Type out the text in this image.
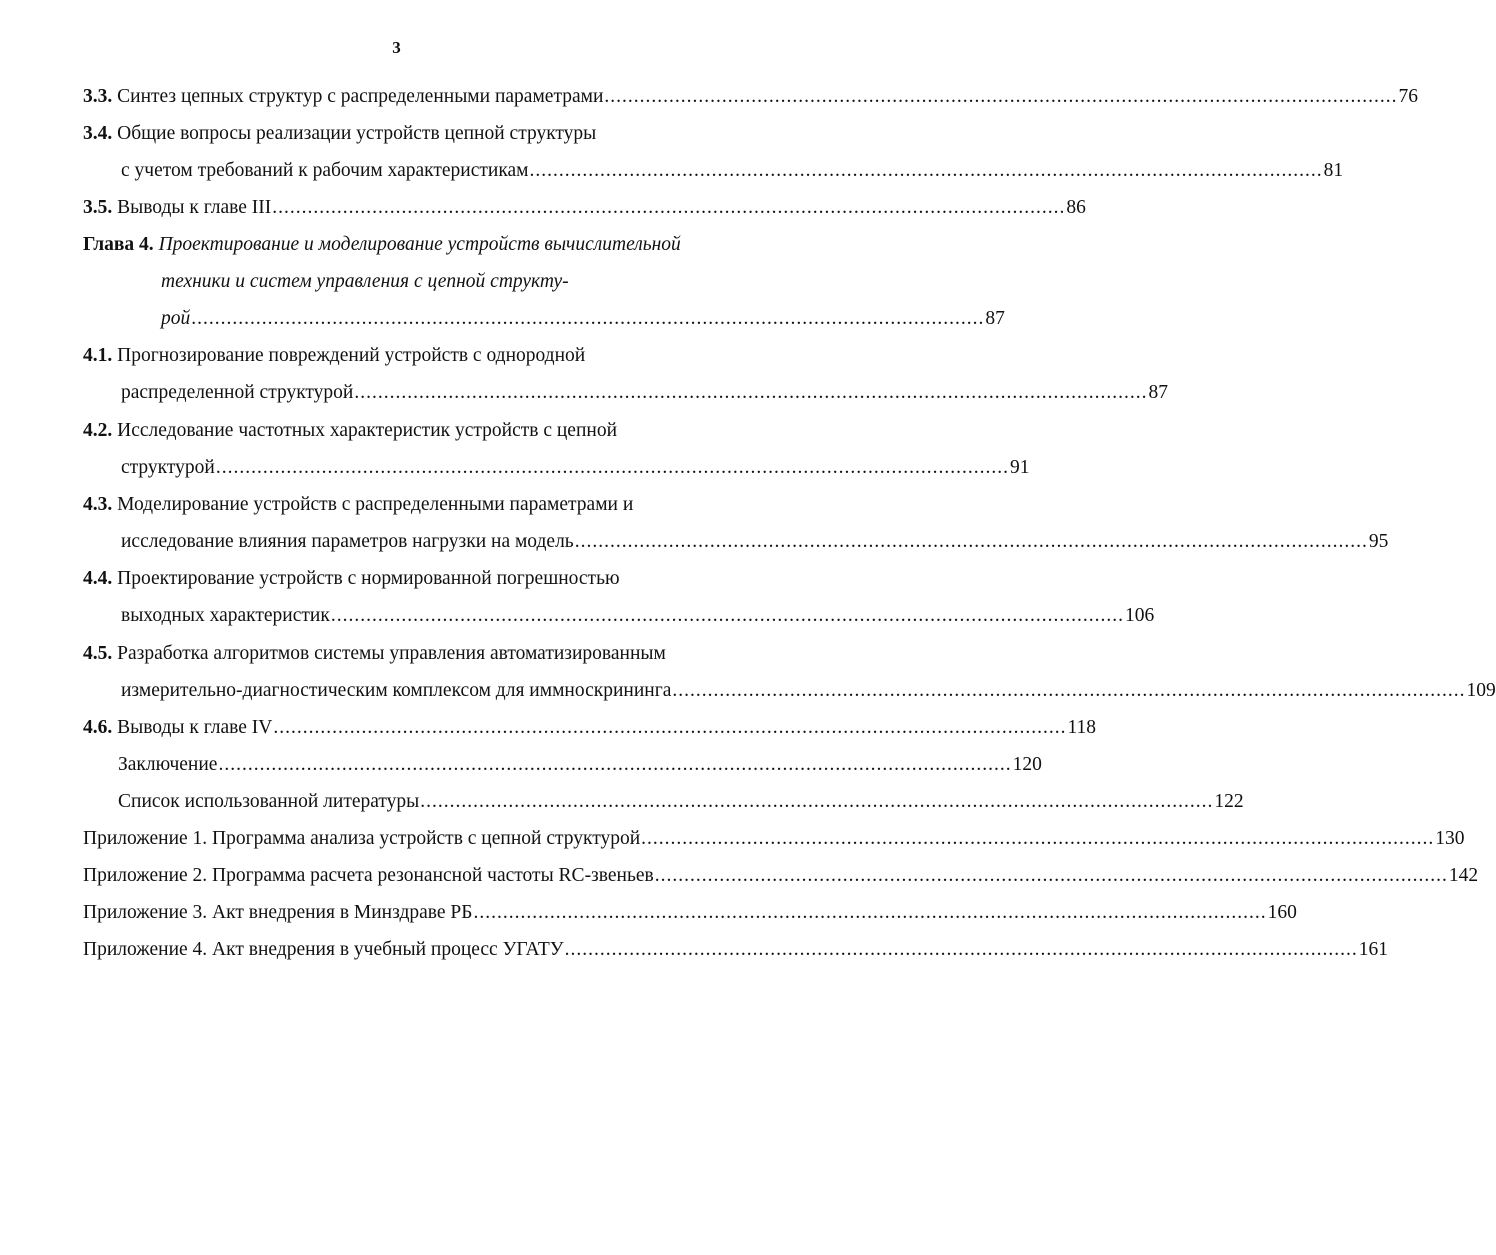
3
3.3. Синтез цепных структур с распределенными параметрами ....................................................................................................................................... 76
3.4. Общие вопросы реализации устройств цепной структуры
с учетом требований к рабочим характеристикам ....................................................................................................................................... 81
3.5. Выводы к главе III ....................................................................................................................................... 86
Глава 4. Проектирование и моделирование устройств вычислительной
техники и систем управления с цепной структу-
рой ....................................................................................................................................... 87
4.1. Прогнозирование повреждений устройств с однородной
распределенной структурой ....................................................................................................................................... 87
4.2. Исследование частотных характеристик устройств с цепной
структурой ....................................................................................................................................... 91
4.3. Моделирование устройств с распределенными параметрами и
исследование влияния параметров нагрузки на модель ....................................................................................................................................... 95
4.4. Проектирование устройств с нормированной погрешностью
выходных характеристик ....................................................................................................................................... 106
4.5. Разработка алгоритмов системы управления автоматизированным
измерительно-диагностическим комплексом для иммноскрининга ....................................................................................................................................... 109
4.6. Выводы к главе IV ....................................................................................................................................... 118
Заключение ....................................................................................................................................... 120
Список использованной литературы ....................................................................................................................................... 122
Приложение 1. Программа анализа устройств с цепной структурой ....................................................................................................................................... 130
Приложение 2. Программа расчета резонансной частоты RC-звеньев ....................................................................................................................................... 142
Приложение 3. Акт внедрения в Минздраве РБ ....................................................................................................................................... 160
Приложение 4. Акт внедрения в учебный процесс УГАТУ ....................................................................................................................................... 161
